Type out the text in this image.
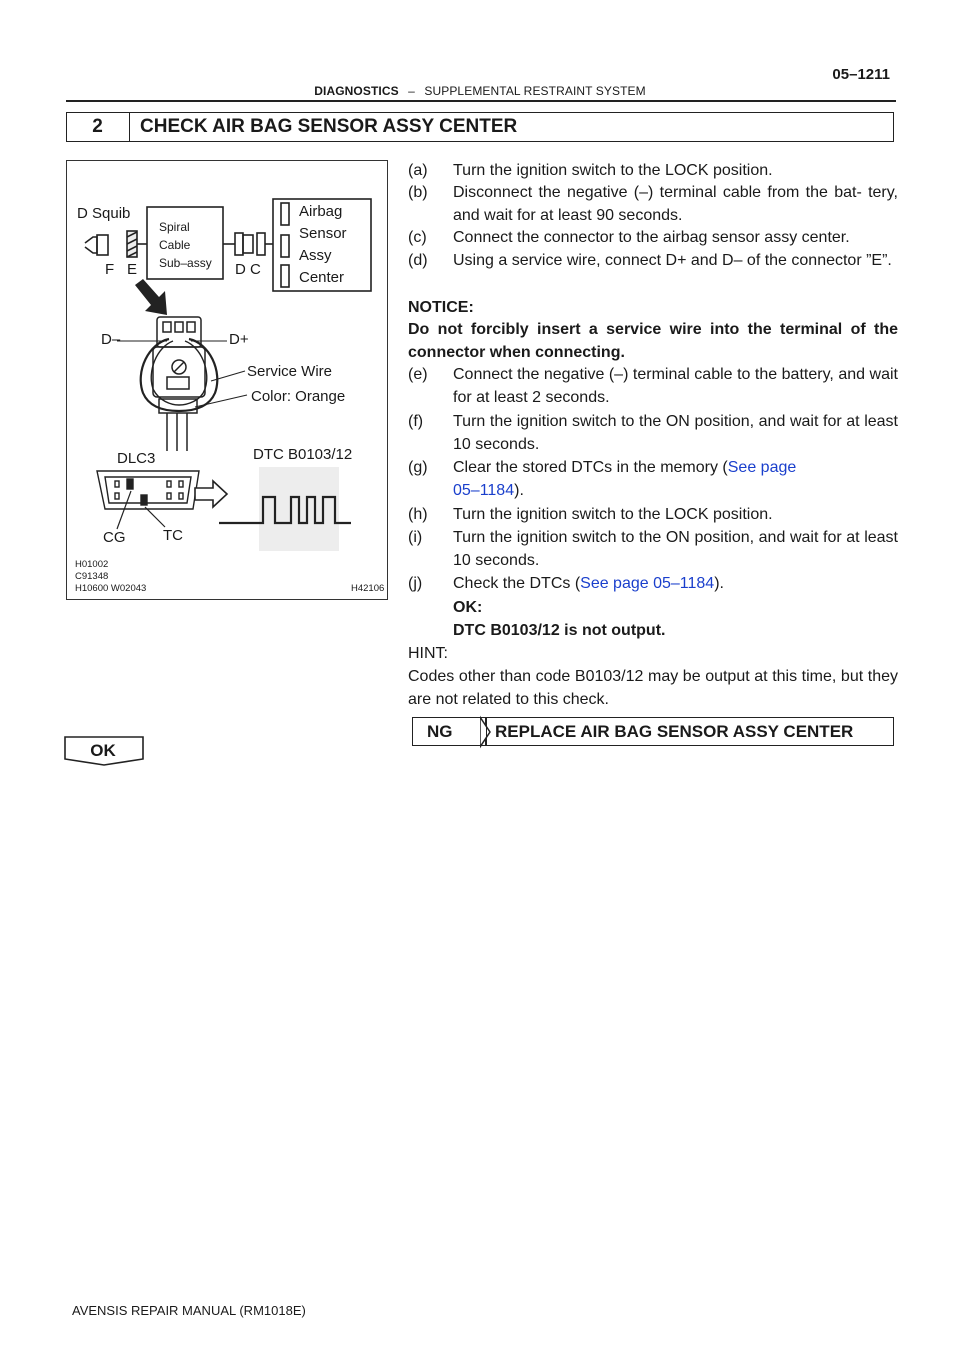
DIAGNOSTICS – SUPPLEMENTAL RESTRAINT SYSTEM
05–1211
2	CHECK AIR BAG SENSOR ASSY CENTER
D Squib
Spiral
Cable
Sub–assy
Airbag
Sensor
Assy
Center
F E	D C
D–	D+
Service Wire
Color: Orange
DLC3	DTC B0103/12
CG	TC
H01002
C91348
H10600 W02043	H42106
(a) Turn the ignition switch to the LOCK position.
(b) Disconnect the negative (–) terminal cable from the bat- tery, and wait for at least 90 seconds.
(c) Connect the connector to the airbag sensor assy center.
(d) Using a service wire, connect D+ and D– of the connector ”E”.
NOTICE:
Do not forcibly insert a service wire into the terminal of the connector when connecting.
(e) Connect the negative (–) terminal cable to the battery, and wait for at least 2 seconds.
(f) Turn the ignition switch to the ON position, and wait for at least 10 seconds.
(g) Clear the stored DTCs in the memory (See page
05–1184).
(h) Turn the ignition switch to the LOCK position.
(i) Turn the ignition switch to the ON position, and wait for at least 10 seconds.
(j) Check the DTCs (See page 05–1184).
OK:
DTC B0103/12 is not output.
HINT:
Codes other than code B0103/12 may be output at this time, but they are not related to this check.
NG	REPLACE AIR BAG SENSOR ASSY CENTER
OK
AVENSIS REPAIR MANUAL (RM1018E)
